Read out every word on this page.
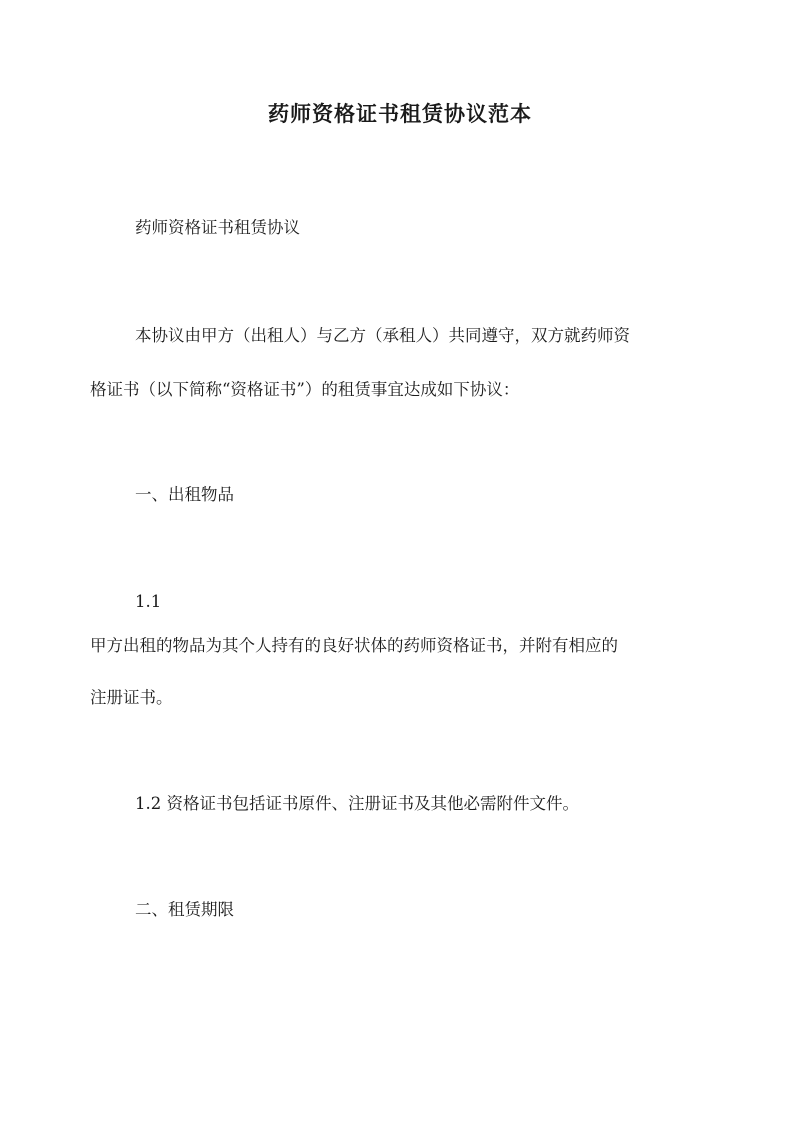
药师资格证书租赁协议范本

药师资格证书租赁协议

本协议由甲方（出租人）与乙方（承租人）共同遵守，双方就药师资

格证书（以下简称“资格证书”）的租赁事宜达成如下协议：

一、出租物品

1.1

甲方出租的物品为其个人持有的良好状体的药师资格证书，并附有相应的

注册证书。

1.2 资格证书包括证书原件、注册证书及其他必需附件文件。

二、租赁期限
